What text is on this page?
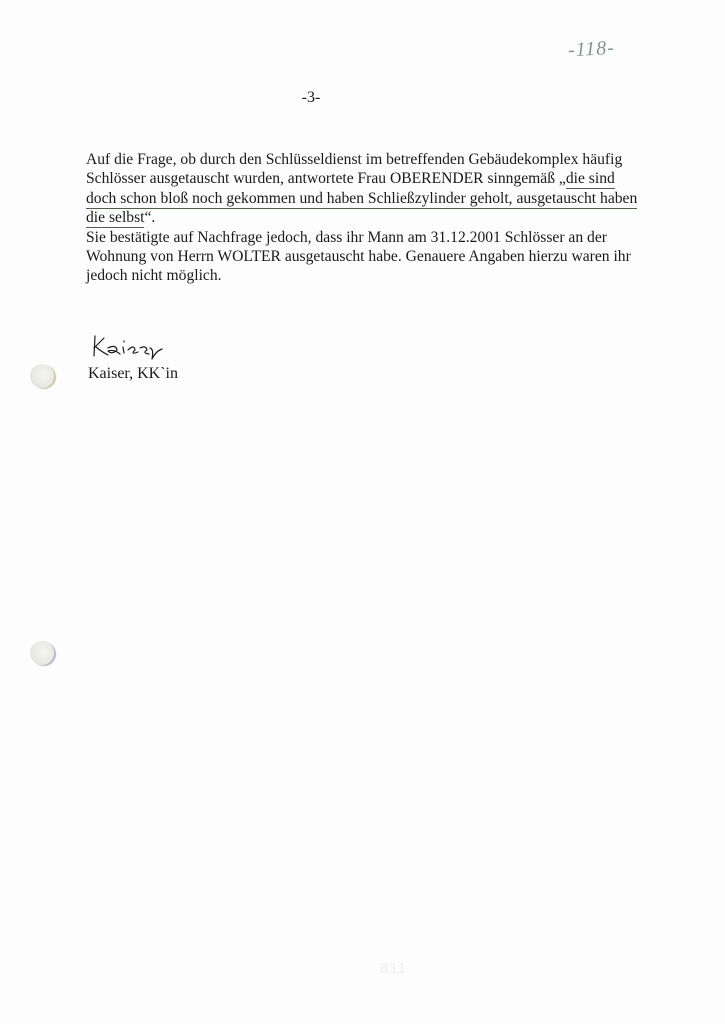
-118-
-3-

Auf die Frage, ob durch den Schlüsseldienst im betreffenden Gebäudekomplex häufig Schlösser ausgetauscht wurden, antwortete Frau OBERENDER sinngemäß „die sind doch schon bloß noch gekommen und haben Schließzylinder geholt, ausgetauscht haben die selbst“.

Sie bestätigte auf Nachfrage jedoch, dass ihr Mann am 31.12.2001 Schlösser an der Wohnung von Herrn WOLTER ausgetauscht habe. Genauere Angaben hierzu waren ihr jedoch nicht möglich.

Kaiser, KK`in
811
